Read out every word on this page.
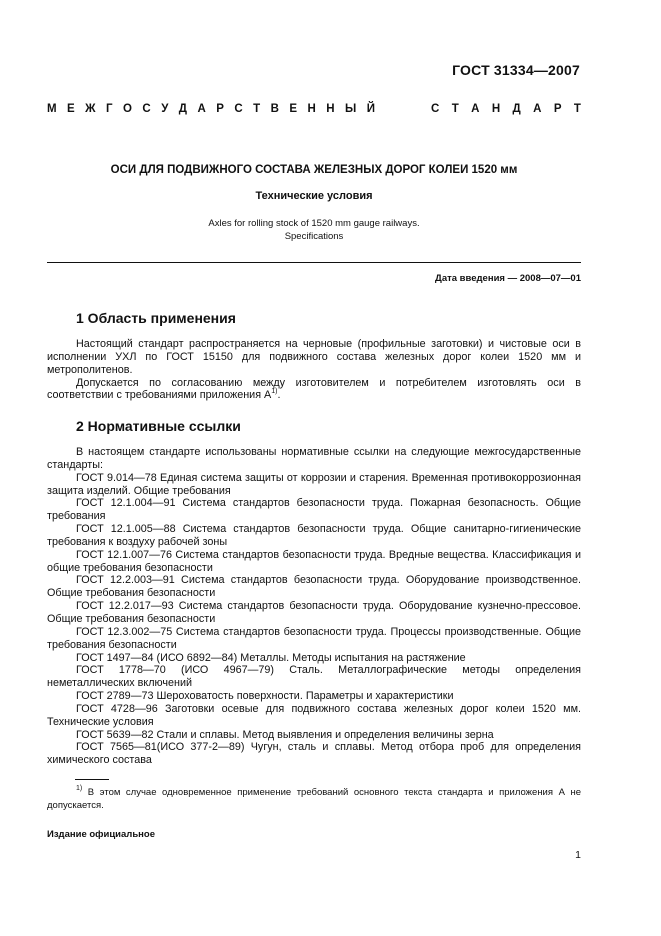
ГОСТ 31334—2007
М Е Ж Г О С У Д А Р С Т В Е Н Н Ы Й	С Т А Н Д А Р Т
ОСИ ДЛЯ ПОДВИЖНОГО СОСТАВА ЖЕЛЕЗНЫХ ДОРОГ КОЛЕИ 1520 мм
Технические условия
Axles for rolling stock of 1520 mm gauge railways.
Specifications
Дата введения — 2008—07—01
1 Область применения

Настоящий стандарт распространяется на черновые (профильные заготовки) и чистовые оси в исполнении УХЛ по ГОСТ 15150 для подвижного состава железных дорог колеи 1520 мм и метрополитенов.

Допускается по согласованию между изготовителем и потребителем изготовлять оси в соответствии с требованиями приложения $А^{1)}$.

2 Нормативные ссылки

В настоящем стандарте использованы нормативные ссылки на следующие межгосударственные стандарты:

ГОСТ 9.014—78 Единая система защиты от коррозии и старения. Временная противокоррозионная защита изделий. Общие требования

ГОСТ 12.1.004—91 Система стандартов безопасности труда. Пожарная безопасность. Общие требования

ГОСТ 12.1.005—88 Система стандартов безопасности труда. Общие санитарно-гигиенические требования к воздуху рабочей зоны

ГОСТ 12.1.007—76 Система стандартов безопасности труда. Вредные вещества. Классификация и общие требования безопасности

ГОСТ 12.2.003—91 Система стандартов безопасности труда. Оборудование производственное. Общие требования безопасности

ГОСТ 12.2.017—93 Система стандартов безопасности труда. Оборудование кузнечно-прессовое. Общие требования безопасности

ГОСТ 12.3.002—75 Система стандартов безопасности труда. Процессы производственные. Общие требования безопасности

ГОСТ 1497—84 (ИСО 6892—84) Металлы. Методы испытания на растяжение

ГОСТ 1778—70 (ИСО 4967—79) Сталь. Металлографические методы определения неметаллических включений

ГОСТ 2789—73 Шероховатость поверхности. Параметры и характеристики

ГОСТ 4728—96 Заготовки осевые для подвижного состава железных дорог колеи 1520 мм. Технические условия

ГОСТ 5639—82 Стали и сплавы. Метод выявления и определения величины зерна

ГОСТ 7565—81(ИСО 377-2—89) Чугун, сталь и сплавы. Метод отбора проб для определения химического состава

$^{1)}$ В этом случае одновременное применение требований основного текста стандарта и приложения А не допускается.

Издание официальное
1
